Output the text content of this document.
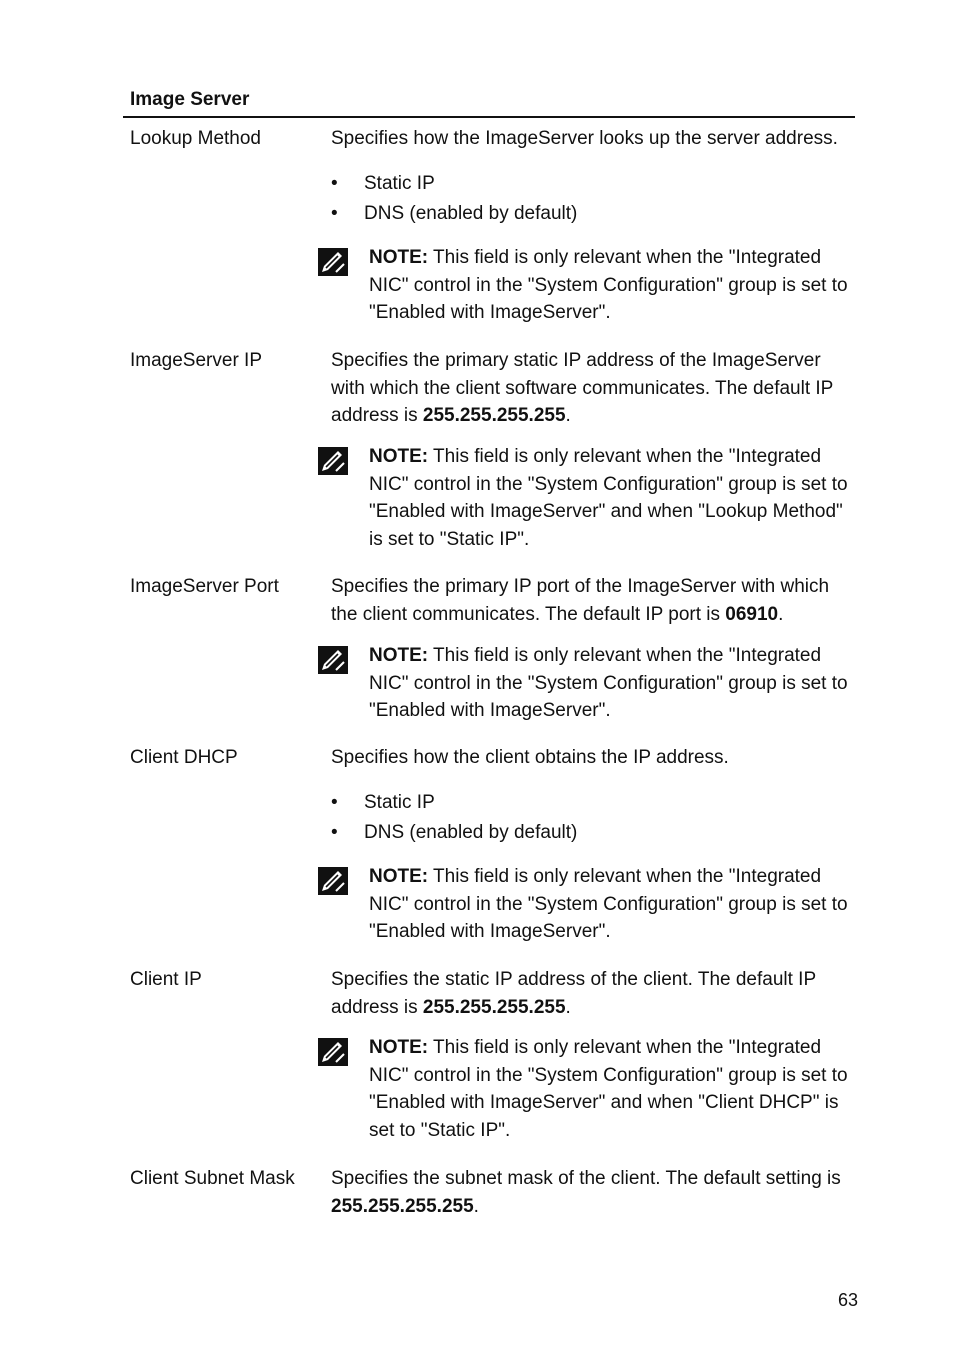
Image Server
Lookup Method	Specifies how the ImageServer looks up the server address.
• Static IP
• DNS (enabled by default)
NOTE: This field is only relevant when the "Integrated NIC" control in the "System Configuration" group is set to "Enabled with ImageServer".
ImageServer IP	Specifies the primary static IP address of the ImageServer with which the client software communicates. The default IP address is 255.255.255.255.
NOTE: This field is only relevant when the "Integrated NIC" control in the "System Configuration" group is set to "Enabled with ImageServer" and when "Lookup Method" is set to "Static IP".
ImageServer Port	Specifies the primary IP port of the ImageServer with which the client communicates. The default IP port is 06910.
NOTE: This field is only relevant when the "Integrated NIC" control in the "System Configuration" group is set to "Enabled with ImageServer".
Client DHCP	Specifies how the client obtains the IP address.
• Static IP
• DNS (enabled by default)
NOTE: This field is only relevant when the "Integrated NIC" control in the "System Configuration" group is set to "Enabled with ImageServer".
Client IP	Specifies the static IP address of the client. The default IP address is 255.255.255.255.
NOTE: This field is only relevant when the "Integrated NIC" control in the "System Configuration" group is set to "Enabled with ImageServer" and when "Client DHCP" is set to "Static IP".
Client Subnet Mask	Specifies the subnet mask of the client. The default setting is 255.255.255.255.
63
